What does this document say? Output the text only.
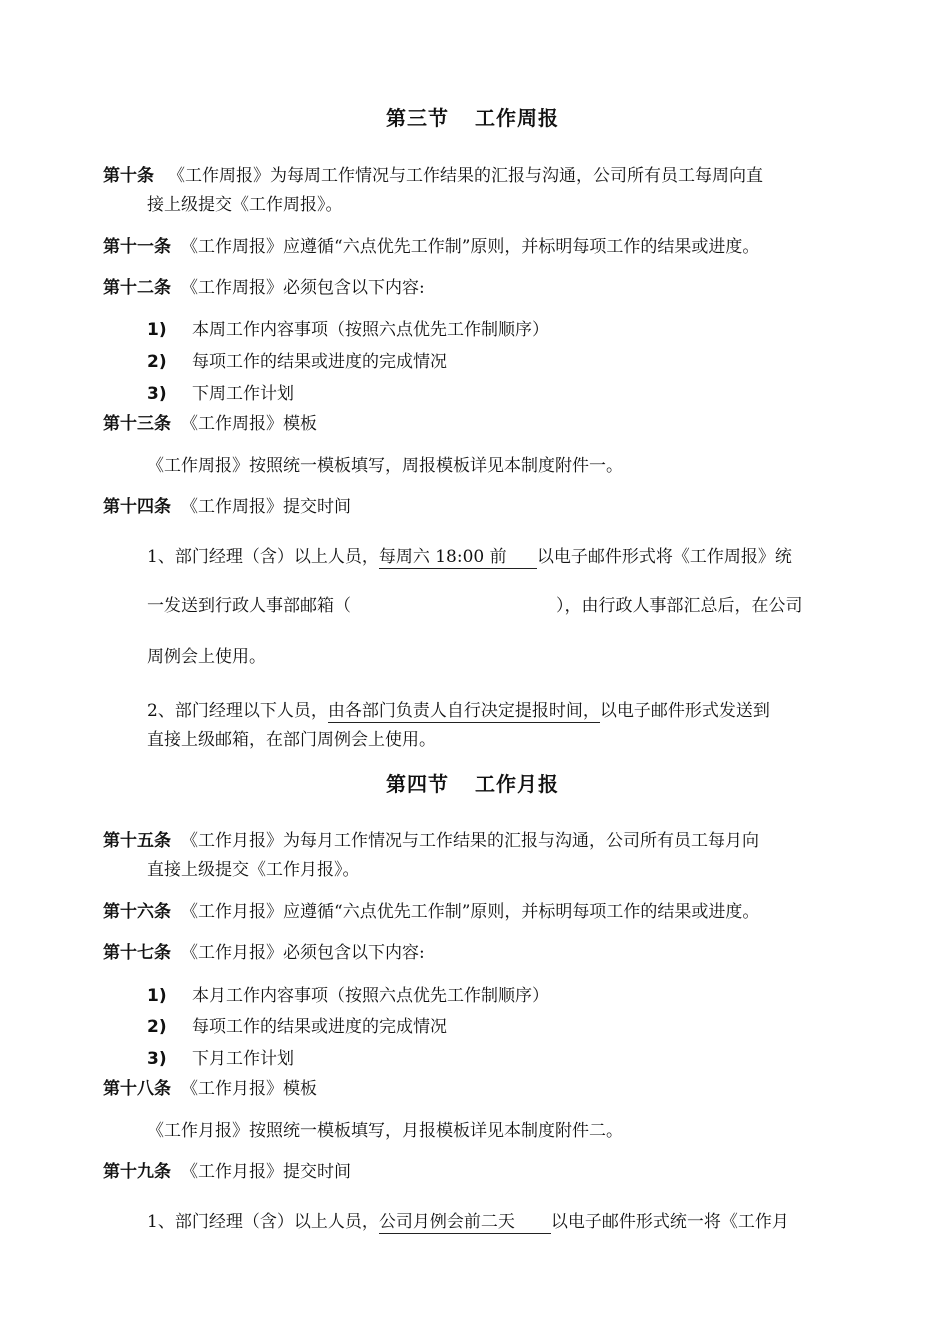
第三节 工作周报
第十条 《工作周报》为每周工作情况与工作结果的汇报与沟通，公司所有员工每周向直
接上级提交《工作周报》。
第十一条 《工作周报》应遵循“六点优先工作制”原则，并标明每项工作的结果或进度。
第十二条 《工作周报》必须包含以下内容:
1) 本周工作内容事项（按照六点优先工作制顺序）
2) 每项工作的结果或进度的完成情况
3) 下周工作计划
第十三条 《工作周报》模板
《工作周报》按照统一模板填写，周报模板详见本制度附件一。
第十四条 《工作周报》提交时间
1、部门经理（含）以上人员，每周六 18:00 前以电子邮件形式将《工作周报》统
一发送到行政人事部邮箱（	），由行政人事部汇总后，在公司
周例会上使用。
2、部门经理以下人员，由各部门负责人自行决定提报时间，以电子邮件形式发送到
直接上级邮箱，在部门周例会上使用。
第四节 工作月报
第十五条 《工作月报》为每月工作情况与工作结果的汇报与沟通，公司所有员工每月向
直接上级提交《工作月报》。
第十六条 《工作月报》应遵循“六点优先工作制”原则，并标明每项工作的结果或进度。
第十七条 《工作月报》必须包含以下内容:
1) 本月工作内容事项（按照六点优先工作制顺序）
2) 每项工作的结果或进度的完成情况
3) 下月工作计划
第十八条 《工作月报》模板
《工作月报》按照统一模板填写，月报模板详见本制度附件二。
第十九条 《工作月报》提交时间
1、部门经理（含）以上人员，公司月例会前二天以电子邮件形式统一将《工作月
